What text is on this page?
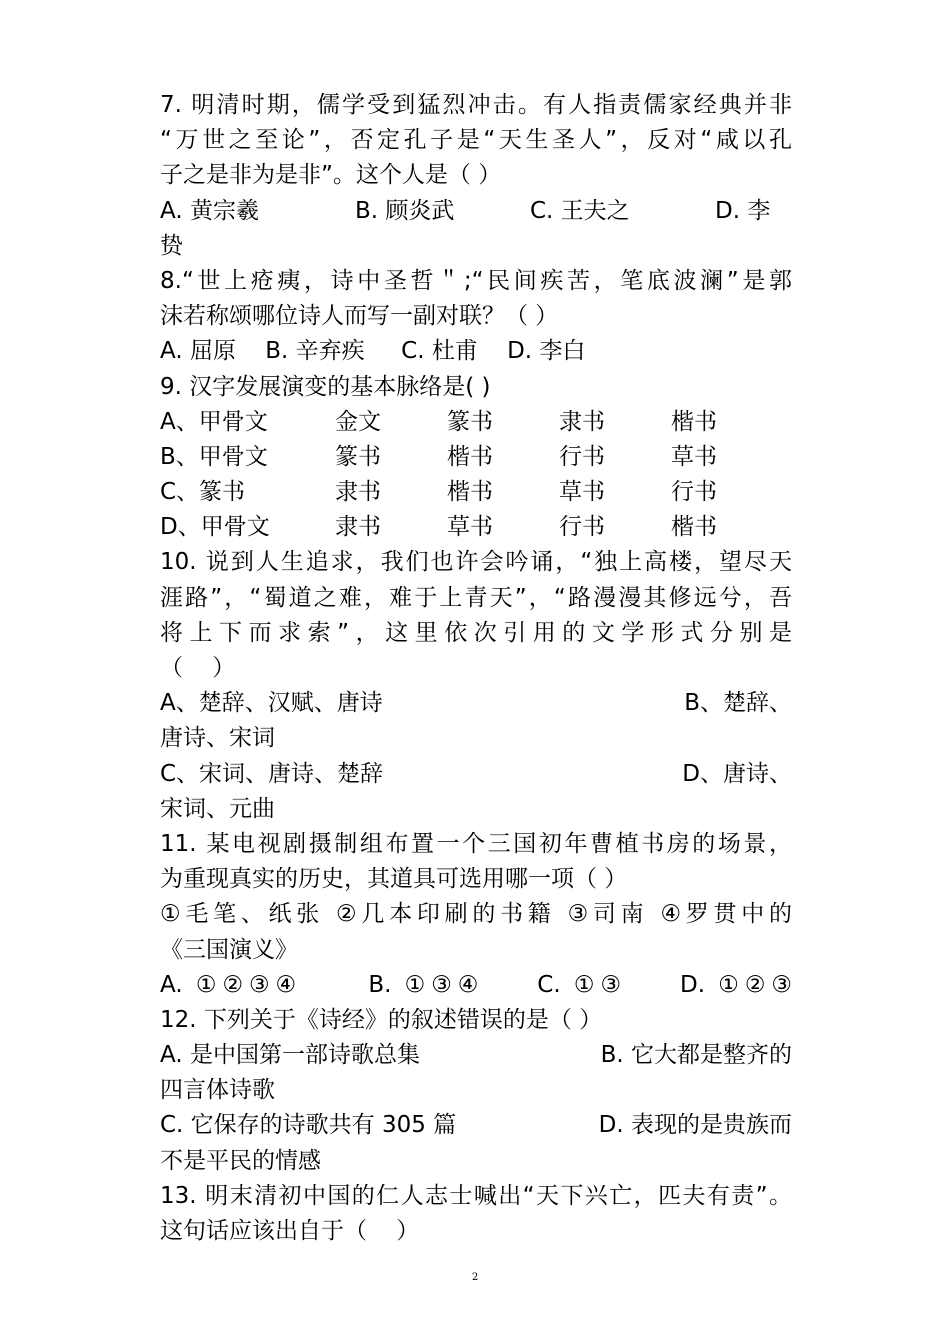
7. 明清时期，儒学受到猛烈冲击。有人指责儒家经典并非
“万世之至论”，否定孔子是“天生圣人”，反对“咸以孔
子之是非为是非”。这个人是（ ）
A. 黄宗羲	B. 顾炎武	C. 王夫之	D. 李
贽
8.“世上疮痍，诗中圣哲＂;“民间疾苦，笔底波澜”是郭
沫若称颂哪位诗人而写一副对联？（ ）
A. 屈原    B. 辛弃疾     C. 杜甫    D. 李白
9. 汉字发展演变的基本脉络是( )
A、甲骨文	金文	篆书	隶书	楷书
B、甲骨文	篆书	楷书	行书	草书
C、篆书	隶书	楷书	草书	行书
D、甲骨文	隶书	草书	行书	楷书
10. 说到人生追求，我们也许会吟诵，“独上高楼，望尽天
涯路”，“蜀道之难，难于上青天”，“路漫漫其修远兮，吾
将上下而求索”，这里依次引用的文学形式分别是
（    ）
A、楚辞、汉赋、唐诗	B、楚辞、
唐诗、宋词
C、宋词、唐诗、楚辞	D、唐诗、
宋词、元曲
11. 某电视剧摄制组布置一个三国初年曹植书房的场景，
为重现真实的历史，其道具可选用哪一项（ ）
①毛笔、纸张 ②几本印刷的书籍 ③司南 ④罗贯中的
《三国演义》
A. ①②③④     B. ①③④    C. ①③    D. ①②③
12. 下列关于《诗经》的叙述错误的是（ ）
A. 是中国第一部诗歌总集	B. 它大都是整齐的
四言体诗歌
C. 它保存的诗歌共有 305 篇	D. 表现的是贵族而
不是平民的情感
13. 明末清初中国的仁人志士喊出“天下兴亡，匹夫有责”。
这句话应该出自于（    ）
2
